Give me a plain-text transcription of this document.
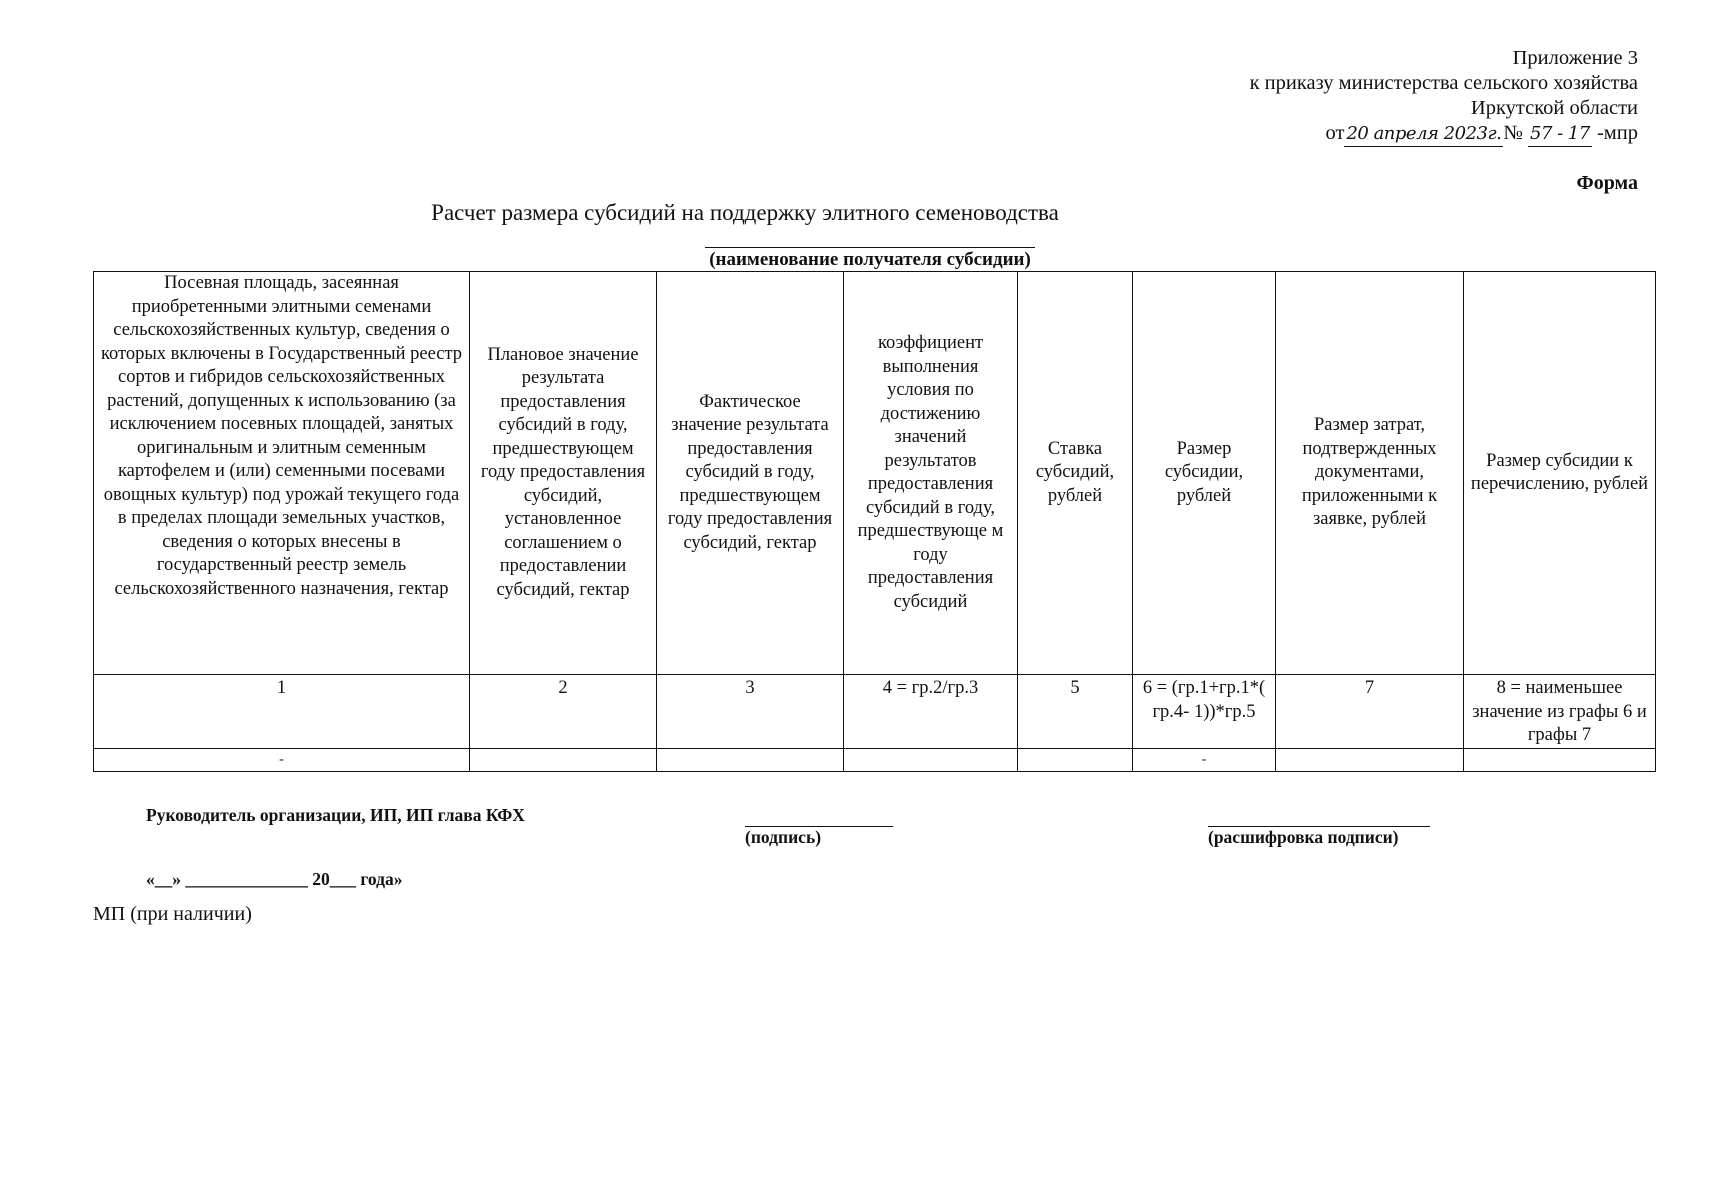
Приложение 3
к приказу министерства сельского хозяйства
Иркутской области
от 20 апреля 2023г.№ 57 - 17 -мпр
Форма
Расчет размера субсидий на поддержку элитного семеноводства
(наименование получателя субсидии)
Посевная площадь, засеянная приобретенными элитными семенами сельскохозяйственных культур, сведения о которых включены в Государственный реестр сортов и гибридов сельскохозяйственных растений, допущенных к использованию (за исключением посевных площадей, занятых оригинальным и элитным семенным картофелем и (или) семенными посевами овощных культур) под урожай текущего года в пределах площади земельных участков, сведения о которых внесены в государственный реестр земель сельскохозяйственного назначения, гектар	Плановое значение результата предоставления субсидий в году, предшествующем году предоставления субсидий, установленное соглашением о предоставлении субсидий, гектар	Фактическое значение результата предоставления субсидий в году, предшествующем году предоставления субсидий, гектар	коэффициент выполнения условия по достижению значений результатов предоставления субсидий в году, предшествующе м году предоставления субсидий	Ставка субсидий, рублей	Размер субсидии, рублей	Размер затрат, подтвержденных документами, приложенными к заявке, рублей	Размер субсидии к перечислению, рублей
1	2	3	4 = гр.2/гр.3	5	6 = (гр.1+гр.1*( гр.4- 1))*гр.5	7	8 = наименьшее значение из графы 6 и графы 7
-					-		
Руководитель организации, ИП, ИП глава КФХ
(подпись)	(расшифровка подписи)
«__» ______________ 20___ года»
МП (при наличии)
